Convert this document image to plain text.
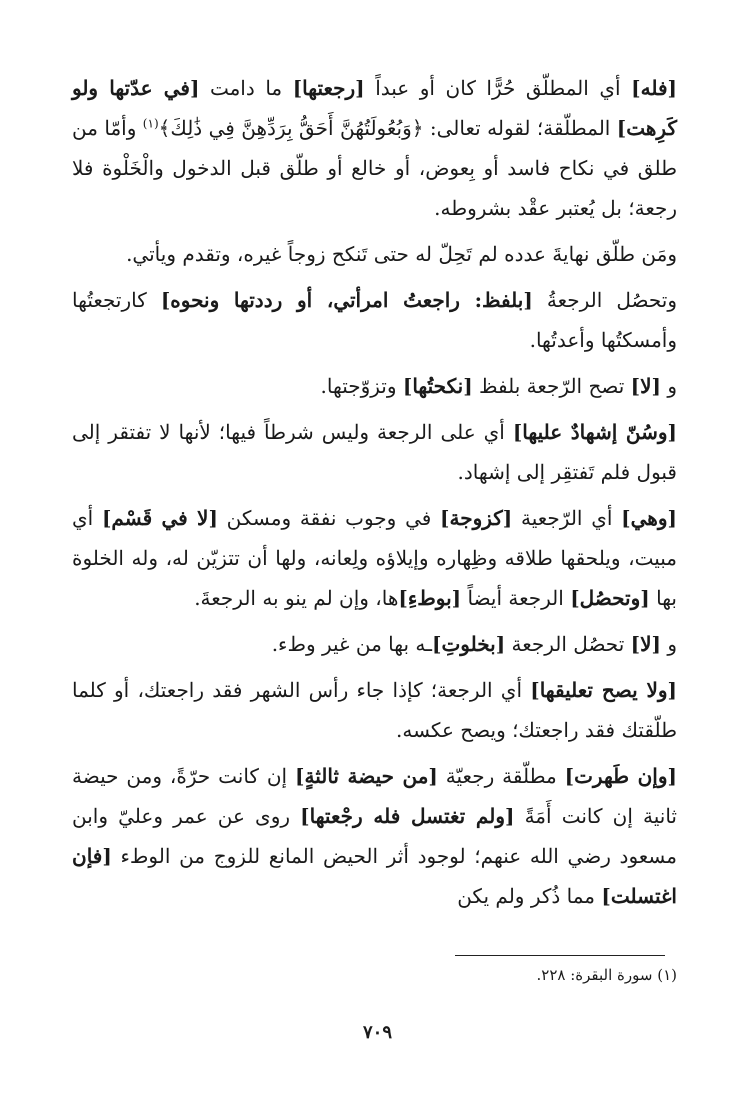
[فله] أي المطلّق حُرًّا كان أو عبداً [رجعتها] ما دامت [في عدّتها ولو كَرِهت] المطلّقة؛ لقوله تعالى: ﴿وَبُعُولَتُهُنَّ أَحَقُّ بِرَدِّهِنَّ فِي ذَٰلِكَ﴾$^{(١)}$ وأمّا من طلق في نكاح فاسد أو بِعوض، أو خالع أو طلّق قبل الدخول والْخَلْوة فلا رجعة؛ بل يُعتبر عقْد بشروطه.

ومَن طلّق نهايةَ عدده لم تَحِلّ له حتى تَنكح زوجاً غيره، وتقدم ويأتي.

وتحصُل الرجعةُ [بلفظ: راجعتُ امرأتي، أو رددتها ونحوه] كارتجعتُها وأمسكتُها وأعدتُها.

و [لا] تصح الرّجعة بلفظ [نكحتُها] وتزوّجتها.

[وسُنّ إشهادٌ عليها] أي على الرجعة وليس شرطاً فيها؛ لأنها لا تفتقر إلى قبول فلم تَفتقِر إلى إشهاد.

[وهي] أي الرّجعية [كزوجة] في وجوب نفقة ومسكن [لا في قَسْم] أي مبيت، ويلحقها طلاقه وظِهاره وإيلاؤه ولِعانه، ولها أن تتزيّن له، وله الخلوة بها [وتحصُل] الرجعة أيضاً [بوطءِ]ها، وإن لم ينو به الرجعةَ.

و [لا] تحصُل الرجعة [بخلوتِ]ـه بها من غير وطء.

[ولا يصح تعليقها] أي الرجعة؛ كإذا جاء رأس الشهر فقد راجعتك، أو كلما طلّقتك فقد راجعتك؛ ويصح عكسه.

[وإن طَهرت] مطلّقة رجعيّة [من حيضة ثالثةٍ] إن كانت حرّةً، ومن حيضة ثانية إن كانت أَمَةً [ولم تغتسل فله رجْعتها] روى عن عمر وعليّ وابن مسعود رضي الله عنهم؛ لوجود أثر الحيض المانع للزوج من الوطء [فإن اغتسلت] مما ذُكر ولم يكن

(١) سورة البقرة: ٢٢٨.
٧٠٩
